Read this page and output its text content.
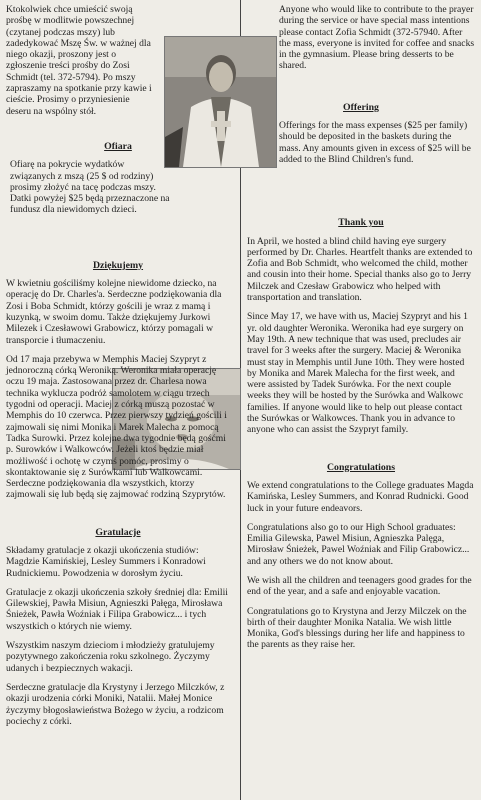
Ktokolwiek chce umieścić swoją prośbę w modlitwie powszechnej (czytanej podczas mszy) lub zadedykować Mszę Św. w ważnej dla niego okazji, proszony jest o zgłoszenie treści prośby do Zosi Schmidt (tel. 372-5794). Po mszy zapraszamy na spotkanie przy kawie i cieście. Prosimy o przyniesienie deseru na wspólny stół.

Ofiara

Ofiarę na pokrycie wydatków związanych z mszą (25 $ od rodziny) prosimy złożyć na tacę podczas mszy. Datki powyżej $25 będą przeznaczone na fundusz dla niewidomych dzieci.

Dziękujemy

W kwietniu gościliśmy kolejne niewidome dziecko, na operację do Dr. Charles'a. Serdeczne podziękowania dla Zosi i Boba Schmidt, którzy gościli je wraz z mamą i kuzynką, w swoim domu. Także dziękujemy Jurkowi Milezek i Czesławowi Grabowicz, którzy pomagali w transporcie i tłumaczeniu.

Od 17 maja przebywa w Memphis Maciej Szypryt z jednoroczną córką Weroniką. Weronika miała operację oczu 19 maja. Zastosowana przez dr. Charlesa nowa technika wyklucza podróż samolotem w ciągu trzech tygodni od operacji. Maciej z córką muszą pozostać w Memphis do 10 czerwca. Przez pierwszy tydzień gościli i zajmowali się nimi Monika i Marek Malecha z pomocą Tadka Surowki. Przez kolejne dwa tygodnie będą gośćmi p. Surowków i Walkowców. Jeżeli ktoś będzie miał możliwość i ochotę w czymś pomóc, prosimy o skontaktowanie się z Surówkami lub Walkowcami. Serdeczne podziękowania dla wszystkich, ktorzy zajmowali się lub będą się zajmować rodziną Szyprytów.

Gratulacje

Składamy gratulacje z okazji ukończenia studiów: Magdzie Kamińskiej, Lesley Summers i Konradowi Rudnickiemu. Powodzenia w dorosłym życiu.

Gratulacje z okazji ukończenia szkoły średniej dla: Emilii Gilewskiej, Pawła Misiun, Agnieszki Pałęga, Mirosława Śnieżek, Pawła Woźniak i Filipa Grabowicz... i tych wszystkich o których nie wiemy.

Wszystkim naszym dzieciom i młodzieży gratulujemy pozytywnego zakończenia roku szkolnego. Życzymy udanych i bezpiecznych wakacji.

Serdeczne gratulacje dla Krystyny i Jerzego Milczków, z okazji urodzenia córki Moniki, Natalii. Małej Monice życzymy błogosławieństwa Bożego w życiu, a rodzicom pociechy z córki.

Anyone who would like to contribute to the prayer during the service or have special mass intentions please contact Zofia Schmidt (372-57940. After the mass, everyone is invited for coffee and snacks in the gymnasium. Please bring desserts to be shared.

Offering

Offerings for the mass expenses ($25 per family) should be deposited in the baskets during the mass. Any amounts given in excess of $25 will be added to the Blind Children's fund.

Thank you

In April, we hosted a blind child having eye surgery performed by Dr. Charles. Heartfelt thanks are extended to Zofia and Bob Schmidt, who welcomed the child, mother and cousin into their home. Special thanks also go to Jerry Milczek and Czesław Grabowicz who helped with transportation and translation.

Since May 17, we have with us, Maciej Szypryt and his 1 yr. old daughter Weronika. Weronika had eye surgery on May 19th. A new technique that was used, precludes air travel for 3 weeks after the surgery. Maciej & Weronika must stay in Memphis until June 10th. They were hosted by Monika and Marek Malecha for the first week, and were assisted by Tadek Surówka. For the next couple weeks they will be hosted by the Surówka and Walkowc families. If anyone would like to help out please contact the Surówkas or Walkowces. Thank you in advance to anyone who can assist the Szypryt family.

Congratulations

We extend congratulations to the College graduates Magda Kamińska, Lesley Summers, and Konrad Rudnicki. Good luck in your future endeavors.

Congratulations also go to our High School graduates: Emilia Gilewska, Pawel Misiun, Agnieszka Palęga, Mirosław Śnieżek, Pawel Woźniak and Filip Grabowicz... and any others we do not know about.

We wish all the children and teenagers good grades for the end of the year, and a safe and enjoyable vacation.

Congratulations go to Krystyna and Jerzy Milczek on the birth of their daughter Monika Natalia. We wish little Monika, God's blessings during her life and happiness to the parents as they raise her.
